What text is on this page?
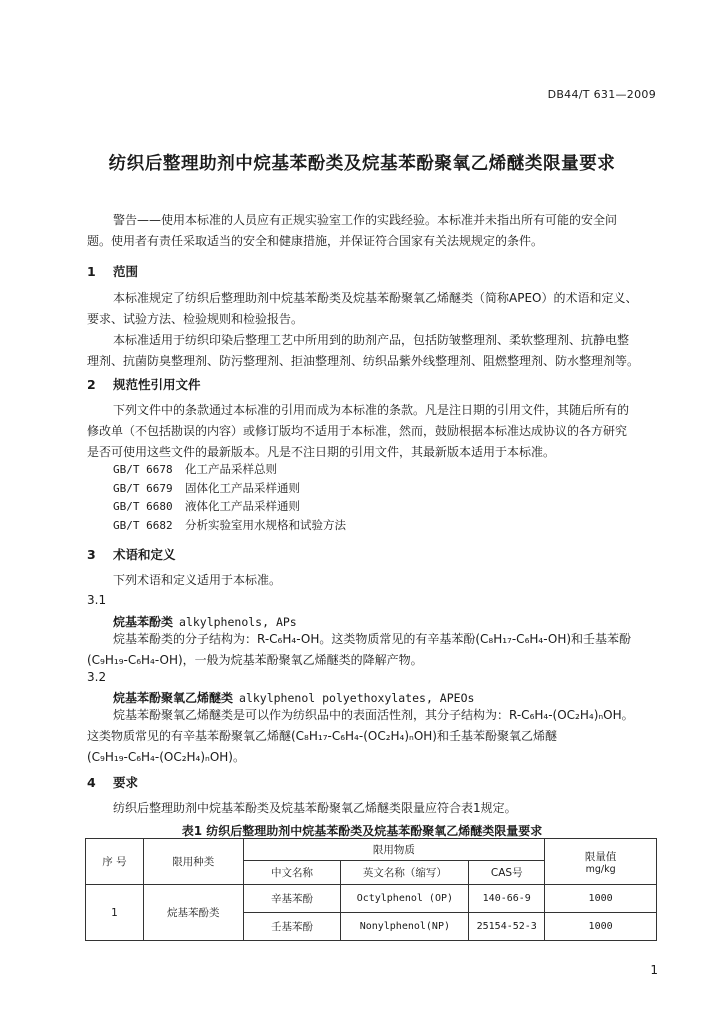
DB44/T 631—2009
纺织后整理助剂中烷基苯酚类及烷基苯酚聚氧乙烯醚类限量要求
警告——使用本标准的人员应有正规实验室工作的实践经验。本标准并未指出所有可能的安全问
题。使用者有责任采取适当的安全和健康措施，并保证符合国家有关法规规定的条件。
1 范围
本标准规定了纺织后整理助剂中烷基苯酚类及烷基苯酚聚氧乙烯醚类（简称APEO）的术语和定义、
要求、试验方法、检验规则和检验报告。
本标准适用于纺织印染后整理工艺中所用到的助剂产品，包括防皱整理剂、柔软整理剂、抗静电整
理剂、抗菌防臭整理剂、防污整理剂、拒油整理剂、纺织品紫外线整理剂、阻燃整理剂、防水整理剂等。
2 规范性引用文件
下列文件中的条款通过本标准的引用而成为本标准的条款。凡是注日期的引用文件，其随后所有的
修改单（不包括勘误的内容）或修订版均不适用于本标准，然而，鼓励根据本标准达成协议的各方研究
是否可使用这些文件的最新版本。凡是不注日期的引用文件，其最新版本适用于本标准。
GB/T 6678 化工产品采样总则
GB/T 6679 固体化工产品采样通则
GB/T 6680 液体化工产品采样通则
GB/T 6682 分析实验室用水规格和试验方法
3 术语和定义
下列术语和定义适用于本标准。
3.1
烷基苯酚类 alkylphenols, APs
烷基苯酚类的分子结构为：R-C₆H₄-OH。这类物质常见的有辛基苯酚(C₈H₁₇-C₆H₄-OH)和壬基苯酚
(C₉H₁₉-C₆H₄-OH)，一般为烷基苯酚聚氧乙烯醚类的降解产物。
3.2
烷基苯酚聚氧乙烯醚类 alkylphenol polyethoxylates, APEOs
烷基苯酚聚氧乙烯醚类是可以作为纺织品中的表面活性剂，其分子结构为：R-C₆H₄-(OC₂H₄)ₙOH。
这类物质常见的有辛基苯酚聚氧乙烯醚(C₈H₁₇-C₆H₄-(OC₂H₄)ₙOH)和壬基苯酚聚氧乙烯醚
(C₉H₁₉-C₆H₄-(OC₂H₄)ₙOH)。
4 要求
纺织后整理助剂中烷基苯酚类及烷基苯酚聚氧乙烯醚类限量应符合表1规定。
表1 纺织后整理助剂中烷基苯酚类及烷基苯酚聚氧乙烯醚类限量要求
序 号	限用种类	限用物质			限量值
mg/kg

		中文名称	英文名称（缩写）	CAS号	
1	烷基苯酚类	辛基苯酚	Octylphenol (OP)	140-66-9	1000
		壬基苯酚	Nonylphenol(NP)	25154-52-3	1000
1
